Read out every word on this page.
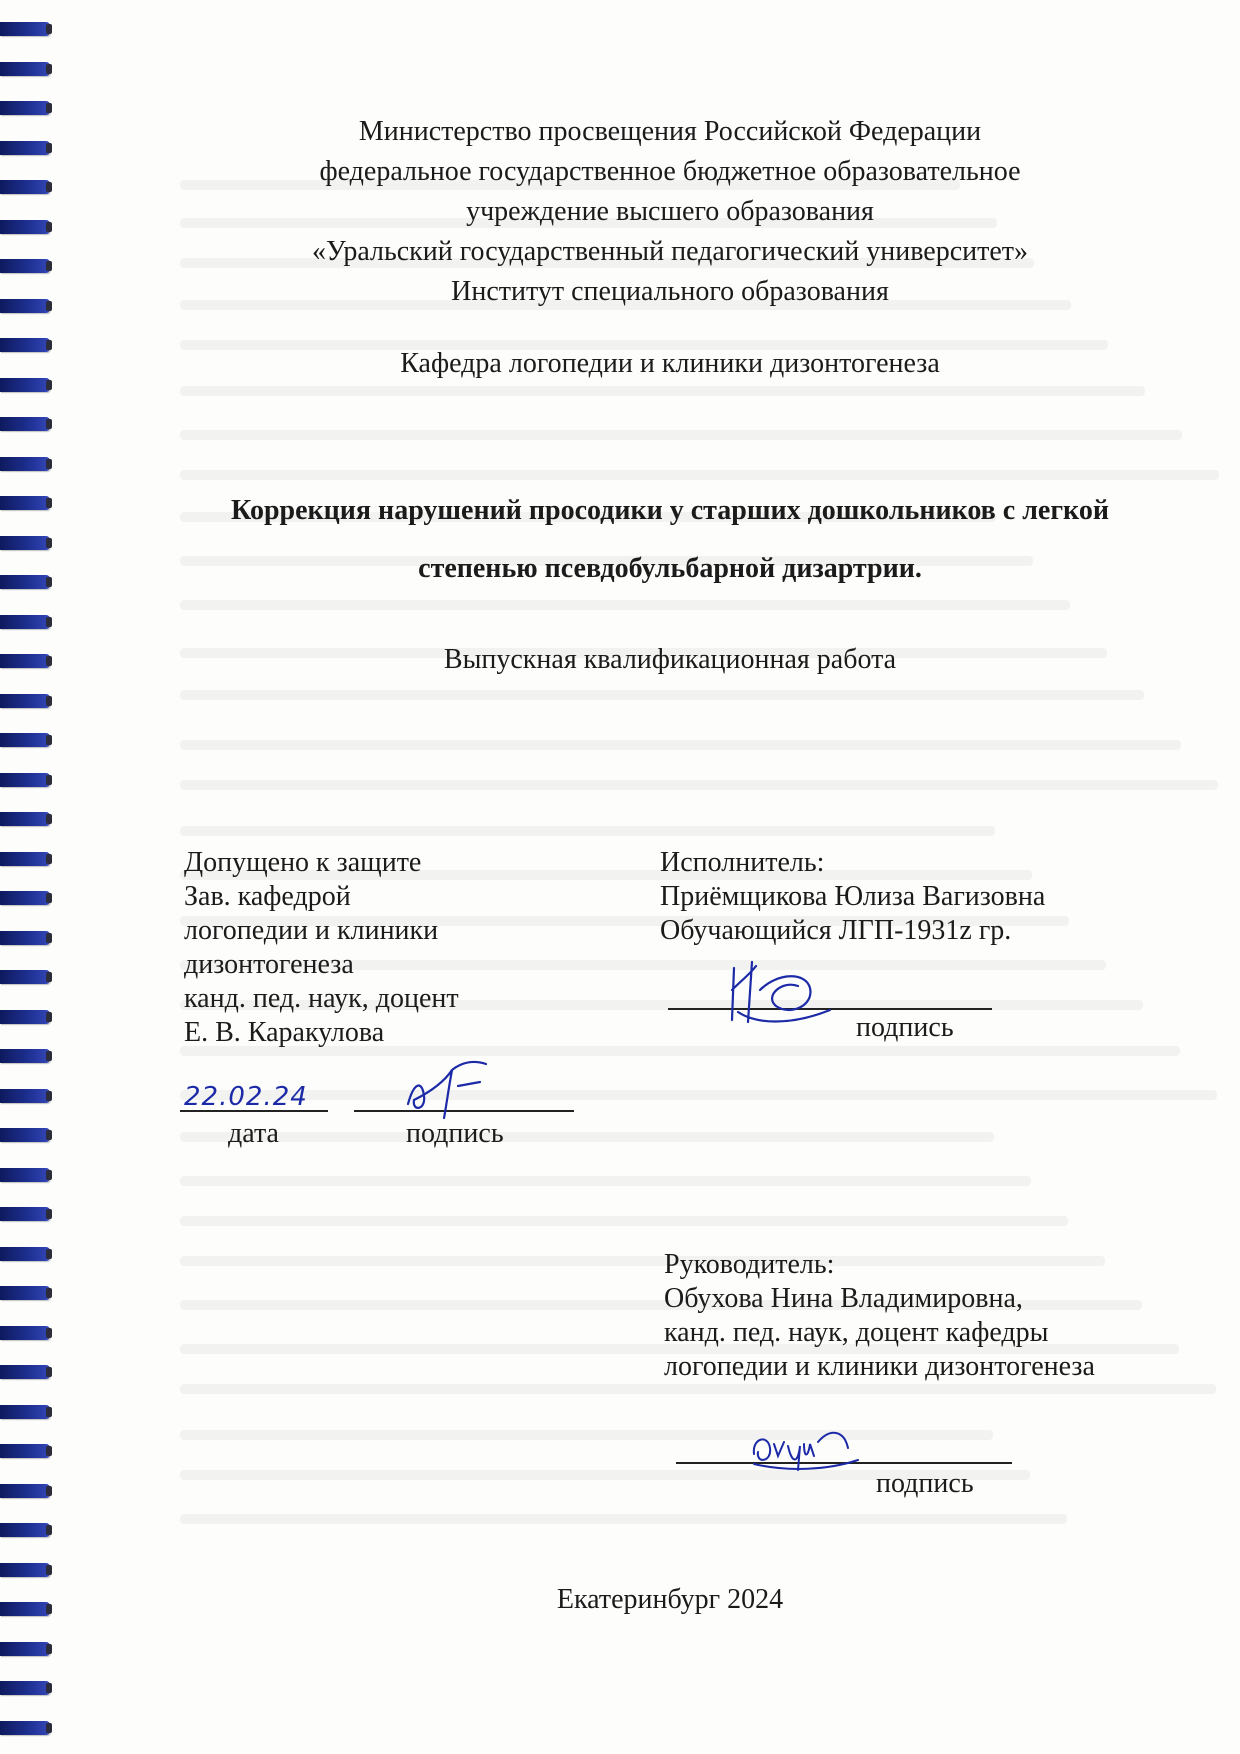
Министерство просвещения Российской Федерации
федеральное государственное бюджетное образовательное
учреждение высшего образования
«Уральский государственный педагогический университет»
Институт специального образования
Кафедра логопедии и клиники дизонтогенеза
Коррекция нарушений просодики у старших дошкольников с легкой
степенью псевдобульбарной дизартрии.
Выпускная квалификационная работа
Допущено к защите
Зав. кафедрой
логопедии и клиники
дизонтогенеза
канд. пед. наук, доцент
Е. В. Каракулова
22.02.24
дата	подпись
Исполнитель:
Приёмщикова Юлиза Вагизовна
Обучающийся ЛГП-1931z гр.
подпись
Руководитель:
Обухова Нина Владимировна,
канд. пед. наук, доцент кафедры
логопедии и клиники дизонтогенеза
подпись
Екатеринбург 2024
